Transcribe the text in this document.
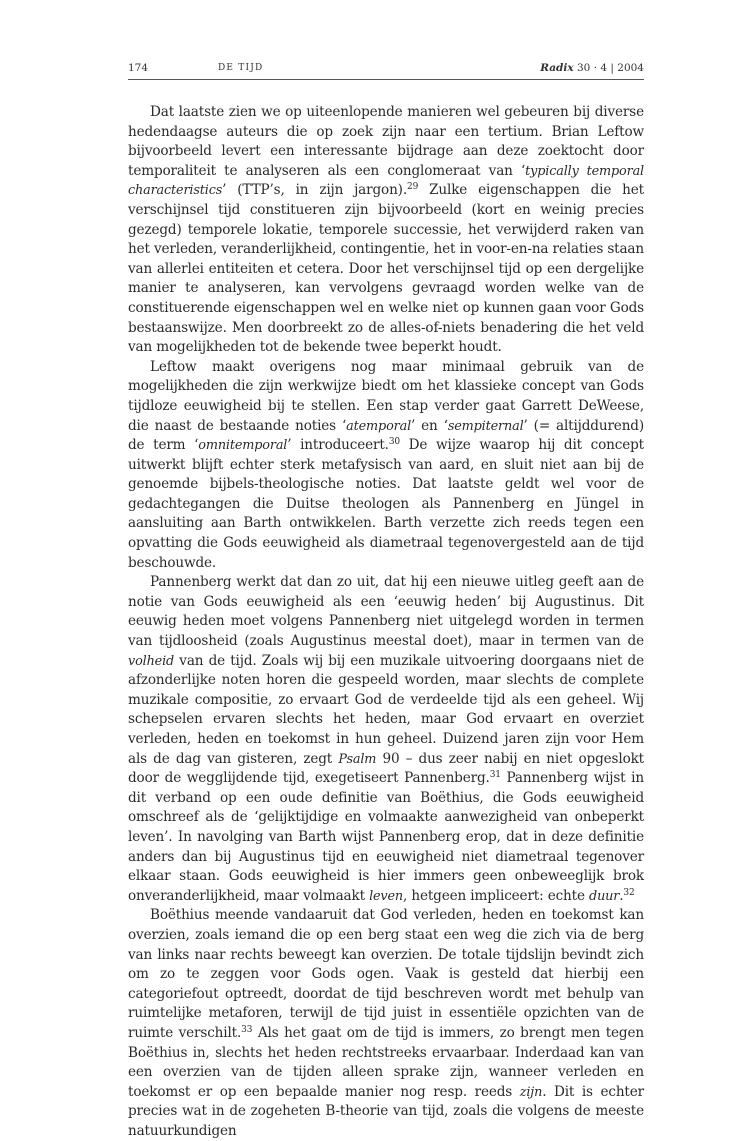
174	DE TIJD	Radix 30 · 4 | 2004

Dat laatste zien we op uiteenlopende manieren wel gebeuren bij diverse hedendaagse auteurs die op zoek zijn naar een tertium. Brian Leftow bijvoorbeeld levert een interessante bijdrage aan deze zoektocht door temporaliteit te analyseren als een conglomeraat van ‘typically temporal characteristics’ (TTP’s, in zijn jargon).$^{29}$ Zulke eigenschappen die het verschijnsel tijd constitueren zijn bijvoorbeeld (kort en weinig precies gezegd) temporele lokatie, temporele successie, het verwijderd raken van het verleden, veranderlijkheid, contingentie, het in voor-en-na relaties staan van allerlei entiteiten et cetera. Door het verschijnsel tijd op een dergelijke manier te analyseren, kan vervolgens gevraagd worden welke van de constituerende eigenschappen wel en welke niet op kunnen gaan voor Gods bestaanswijze. Men doorbreekt zo de alles-of-niets benadering die het veld van mogelijkheden tot de bekende twee beperkt houdt.

Leftow maakt overigens nog maar minimaal gebruik van de mogelijkheden die zijn werkwijze biedt om het klassieke concept van Gods tijdloze eeuwigheid bij te stellen. Een stap verder gaat Garrett DeWeese, die naast de bestaande noties ‘atemporal’ en ‘sempiternal’ (= altijddurend) de term ‘omnitemporal’ introduceert.$^{30}$ De wijze waarop hij dit concept uitwerkt blijft echter sterk metafysisch van aard, en sluit niet aan bij de genoemde bijbels-theologische noties. Dat laatste geldt wel voor de gedachtegangen die Duitse theologen als Pannenberg en Jüngel in aansluiting aan Barth ontwikkelen. Barth verzette zich reeds tegen een opvatting die Gods eeuwigheid als diametraal tegenovergesteld aan de tijd beschouwde.

Pannenberg werkt dat dan zo uit, dat hij een nieuwe uitleg geeft aan de notie van Gods eeuwigheid als een ‘eeuwig heden’ bij Augustinus. Dit eeuwig heden moet volgens Pannenberg niet uitgelegd worden in termen van tijdloosheid (zoals Augustinus meestal doet), maar in termen van de volheid van de tijd. Zoals wij bij een muzikale uitvoering doorgaans niet de afzonderlijke noten horen die gespeeld worden, maar slechts de complete muzikale compositie, zo ervaart God de verdeelde tijd als een geheel. Wij schepselen ervaren slechts het heden, maar God ervaart en overziet verleden, heden en toekomst in hun geheel. Duizend jaren zijn voor Hem als de dag van gisteren, zegt Psalm 90 – dus zeer nabij en niet opgeslokt door de wegglijdende tijd, exegetiseert Pannenberg.$^{31}$ Pannenberg wijst in dit verband op een oude definitie van Boëthius, die Gods eeuwigheid omschreef als de ‘gelijktijdige en volmaakte aanwezigheid van onbeperkt leven’. In navolging van Barth wijst Pannenberg erop, dat in deze definitie anders dan bij Augustinus tijd en eeuwigheid niet diametraal tegenover elkaar staan. Gods eeuwigheid is hier immers geen onbeweeglijk brok onveranderlijkheid, maar volmaakt leven, hetgeen impliceert: echte duur.$^{32}$

Boëthius meende vandaaruit dat God verleden, heden en toekomst kan overzien, zoals iemand die op een berg staat een weg die zich via de berg van links naar rechts beweegt kan overzien. De totale tijdslijn bevindt zich om zo te zeggen voor Gods ogen. Vaak is gesteld dat hierbij een categoriefout optreedt, doordat de tijd beschreven wordt met behulp van ruimtelijke metaforen, terwijl de tijd juist in essentiële opzichten van de ruimte verschilt.$^{33}$ Als het gaat om de tijd is immers, zo brengt men tegen Boëthius in, slechts het heden rechtstreeks ervaarbaar. Inderdaad kan van een overzien van de tijden alleen sprake zijn, wanneer verleden en toekomst er op een bepaalde manier nog resp. reeds zijn. Dit is echter precies wat in de zogeheten B-theorie van tijd, zoals die volgens de meeste natuurkundigen
